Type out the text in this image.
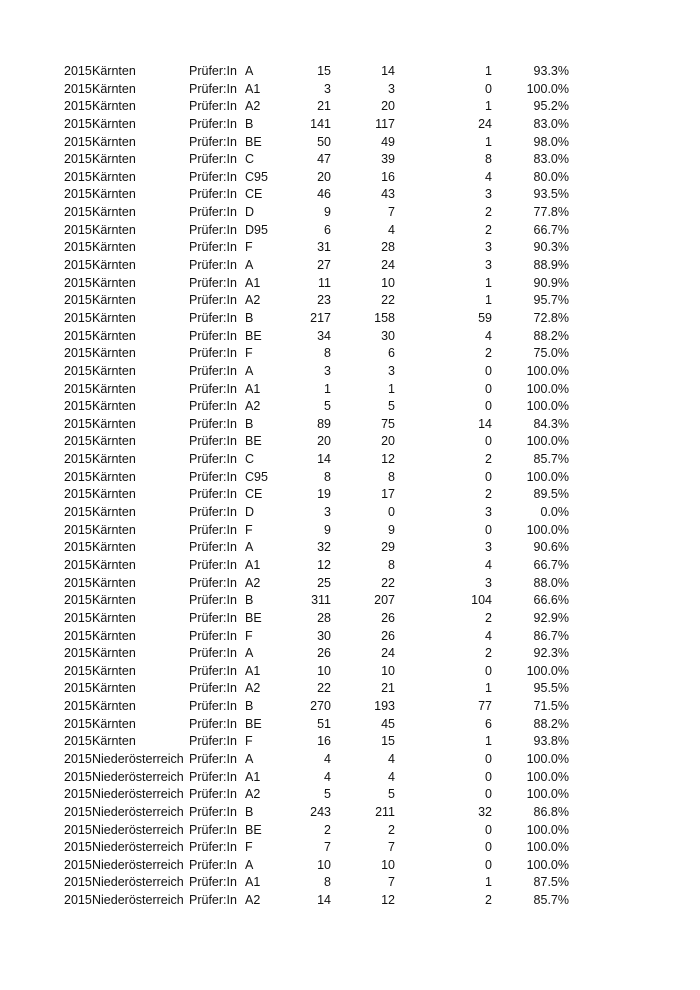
2015 Kärnten	Prüfer:In A	15	14	1	93.3%
2015 Kärnten	Prüfer:In A1	3	3	0	100.0%
2015 Kärnten	Prüfer:In A2	21	20	1	95.2%
2015 Kärnten	Prüfer:In B	141	117	24	83.0%
2015 Kärnten	Prüfer:In BE	50	49	1	98.0%
2015 Kärnten	Prüfer:In C	47	39	8	83.0%
2015 Kärnten	Prüfer:In C95	20	16	4	80.0%
2015 Kärnten	Prüfer:In CE	46	43	3	93.5%
2015 Kärnten	Prüfer:In D	9	7	2	77.8%
2015 Kärnten	Prüfer:In D95	6	4	2	66.7%
2015 Kärnten	Prüfer:In F	31	28	3	90.3%
2015 Kärnten	Prüfer:In A	27	24	3	88.9%
2015 Kärnten	Prüfer:In A1	11	10	1	90.9%
2015 Kärnten	Prüfer:In A2	23	22	1	95.7%
2015 Kärnten	Prüfer:In B	217	158	59	72.8%
2015 Kärnten	Prüfer:In BE	34	30	4	88.2%
2015 Kärnten	Prüfer:In F	8	6	2	75.0%
2015 Kärnten	Prüfer:In A	3	3	0	100.0%
2015 Kärnten	Prüfer:In A1	1	1	0	100.0%
2015 Kärnten	Prüfer:In A2	5	5	0	100.0%
2015 Kärnten	Prüfer:In B	89	75	14	84.3%
2015 Kärnten	Prüfer:In BE	20	20	0	100.0%
2015 Kärnten	Prüfer:In C	14	12	2	85.7%
2015 Kärnten	Prüfer:In C95	8	8	0	100.0%
2015 Kärnten	Prüfer:In CE	19	17	2	89.5%
2015 Kärnten	Prüfer:In D	3	0	3	0.0%
2015 Kärnten	Prüfer:In F	9	9	0	100.0%
2015 Kärnten	Prüfer:In A	32	29	3	90.6%
2015 Kärnten	Prüfer:In A1	12	8	4	66.7%
2015 Kärnten	Prüfer:In A2	25	22	3	88.0%
2015 Kärnten	Prüfer:In B	311	207	104	66.6%
2015 Kärnten	Prüfer:In BE	28	26	2	92.9%
2015 Kärnten	Prüfer:In F	30	26	4	86.7%
2015 Kärnten	Prüfer:In A	26	24	2	92.3%
2015 Kärnten	Prüfer:In A1	10	10	0	100.0%
2015 Kärnten	Prüfer:In A2	22	21	1	95.5%
2015 Kärnten	Prüfer:In B	270	193	77	71.5%
2015 Kärnten	Prüfer:In BE	51	45	6	88.2%
2015 Kärnten	Prüfer:In F	16	15	1	93.8%
2015 Niederösterreich Prüfer:In A	4	4	0	100.0%
2015 Niederösterreich Prüfer:In A1	4	4	0	100.0%
2015 Niederösterreich Prüfer:In A2	5	5	0	100.0%
2015 Niederösterreich Prüfer:In B	243	211	32	86.8%
2015 Niederösterreich Prüfer:In BE	2	2	0	100.0%
2015 Niederösterreich Prüfer:In F	7	7	0	100.0%
2015 Niederösterreich Prüfer:In A	10	10	0	100.0%
2015 Niederösterreich Prüfer:In A1	8	7	1	87.5%
2015 Niederösterreich Prüfer:In A2	14	12	2	85.7%
